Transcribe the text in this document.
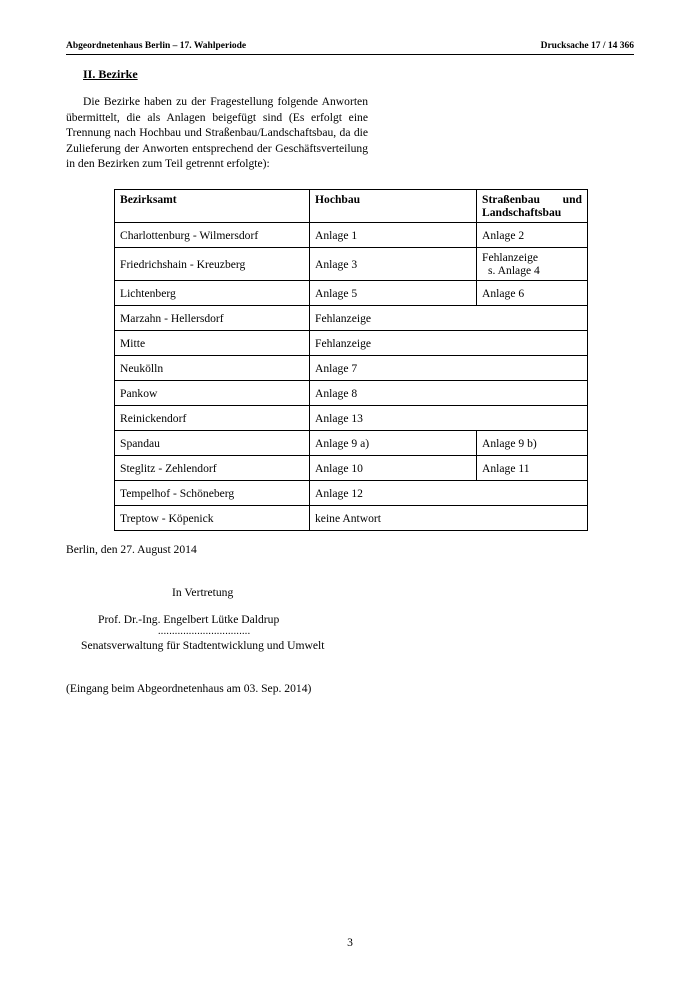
Abgeordnetenhaus Berlin – 17. Wahlperiode	Drucksache 17 / 14 366
II. Bezirke

Die Bezirke haben zu der Fragestellung folgende Anworten übermittelt, die als Anlagen beigefügt sind (Es erfolgt eine Trennung nach Hochbau und Straßenbau/Landschaftsbau, da die Zulieferung der Anworten entsprechend der Geschäftsverteilung in den Bezirken zum Teil getrennt erfolgte):

Bezirksamt	Hochbau	Straßenbau und
Landschaftsbau

Charlottenburg - Wilmersdorf	Anlage 1	Anlage 2
Friedrichshain - Kreuzberg	Anlage 3	Fehlanzeige
s. Anlage 4

Lichtenberg	Anlage 5	Anlage 6
Marzahn - Hellersdorf	Fehlanzeige	
Mitte	Fehlanzeige	
Neukölln	Anlage 7	
Pankow	Anlage 8	
Reinickendorf	Anlage 13	
Spandau	Anlage 9 a)	Anlage 9 b)
Steglitz - Zehlendorf	Anlage 10	Anlage 11
Tempelhof - Schöneberg	Anlage 12	
Treptow - Köpenick	keine Antwort	
Berlin, den 27. August 2014
In Vertretung
Prof. Dr.-Ing. Engelbert Lütke Daldrup
.................................
Senatsverwaltung für Stadtentwicklung und Umwelt
(Eingang beim Abgeordnetenhaus am 03. Sep. 2014)
3
